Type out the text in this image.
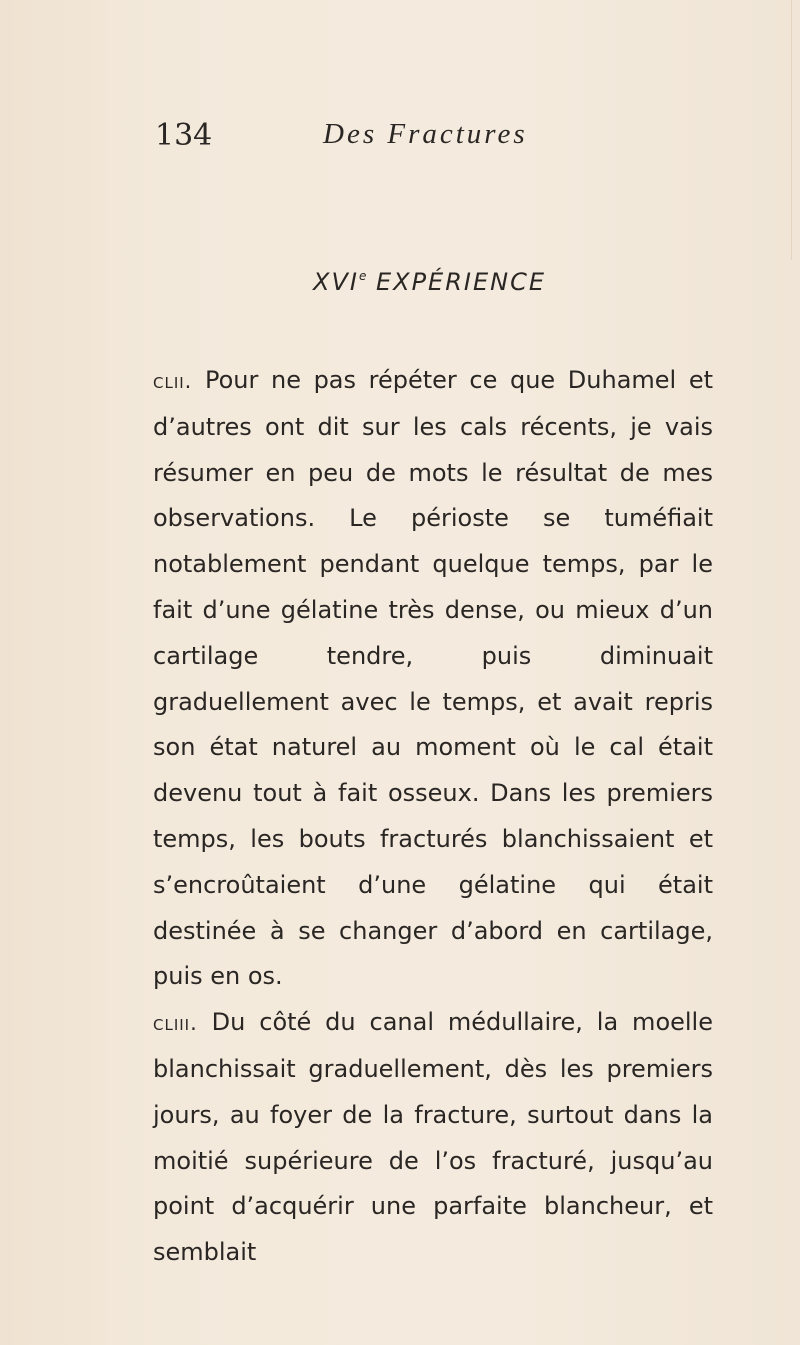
134	Des Fractures
XVIe EXPÉRIENCE

clii. Pour ne pas répéter ce que Duhamel et d’autres ont dit sur les cals récents, je vais résumer en peu de mots le résultat de mes observations. Le périoste se tuméfiait notablement pendant quelque temps, par le fait d’une gélatine très dense, ou mieux d’un cartilage tendre, puis diminuait graduellement avec le temps, et avait repris son état naturel au moment où le cal était devenu tout à fait osseux. Dans les premiers temps, les bouts fracturés blanchissaient et s’encroûtaient d’une gélatine qui était destinée à se changer d’abord en cartilage, puis en os.

cliii. Du côté du canal médullaire, la moelle blanchissait graduellement, dès les premiers jours, au foyer de la fracture, surtout dans la moitié supérieure de l’os fracturé, jusqu’au point d’acquérir une parfaite blancheur, et semblait
